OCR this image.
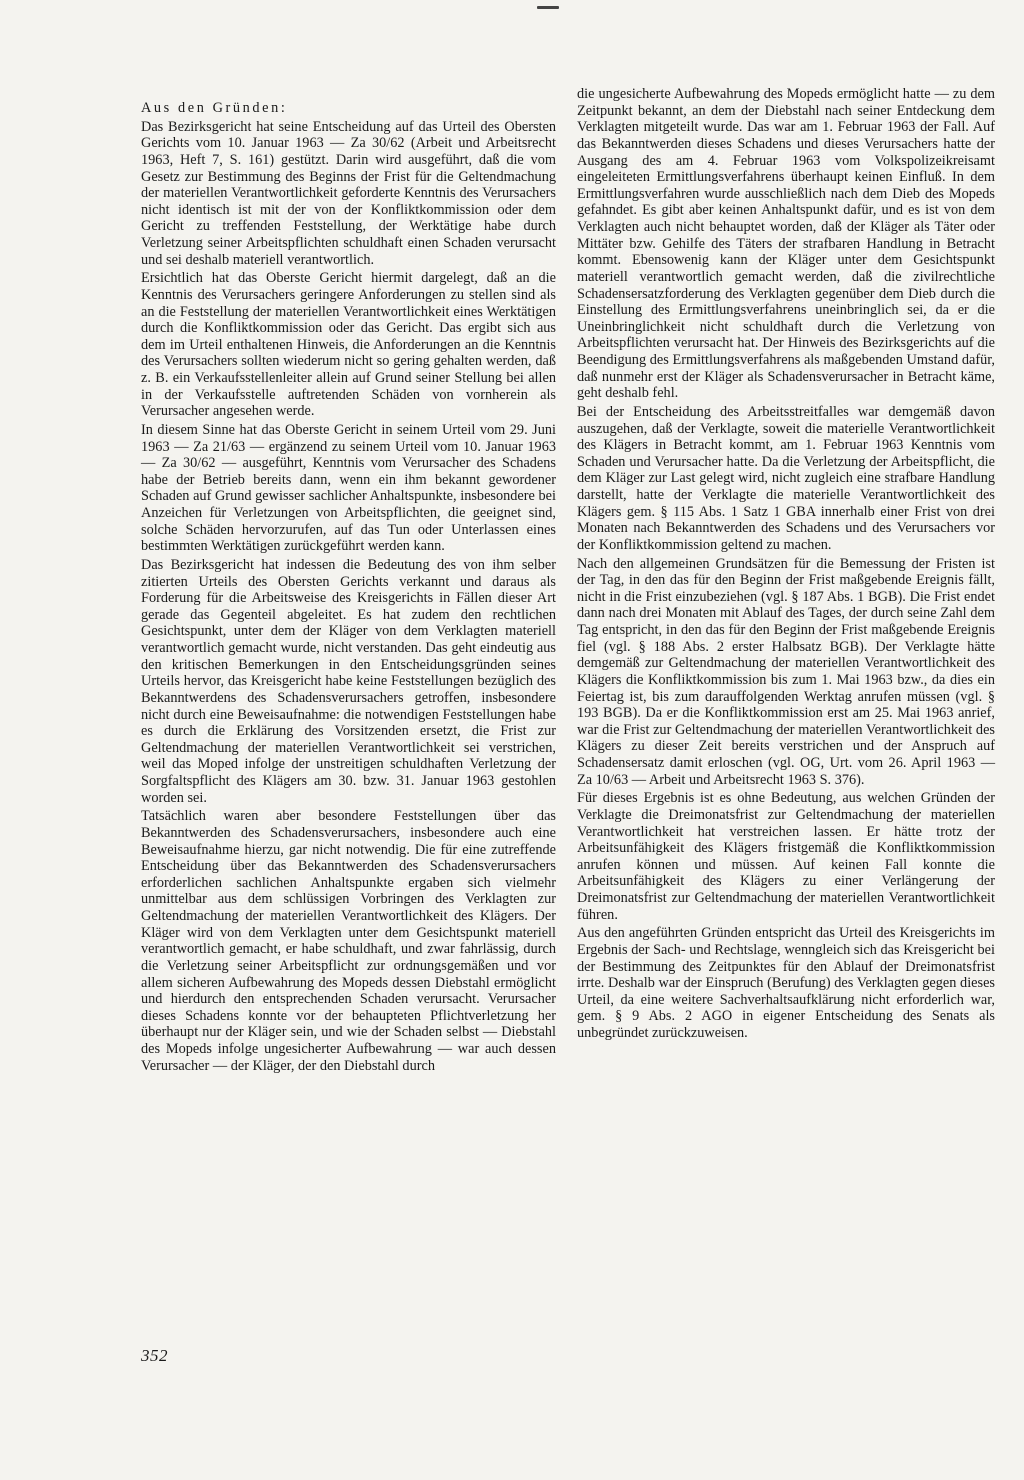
Aus den Gründen:

Das Bezirksgericht hat seine Entscheidung auf das Urteil des Obersten Gerichts vom 10. Januar 1963 — Za 30/62 (Arbeit und Arbeitsrecht 1963, Heft 7, S. 161) gestützt. Darin wird ausgeführt, daß die vom Gesetz zur Bestimmung des Beginns der Frist für die Geltendmachung der materiellen Verantwortlichkeit geforderte Kenntnis des Verursachers nicht identisch ist mit der von der Konfliktkommission oder dem Gericht zu treffenden Feststellung, der Werktätige habe durch Verletzung seiner Arbeitspflichten schuldhaft einen Schaden verursacht und sei deshalb materiell verantwortlich.

Ersichtlich hat das Oberste Gericht hiermit dargelegt, daß an die Kenntnis des Verursachers geringere Anforderungen zu stellen sind als an die Feststellung der materiellen Verantwortlichkeit eines Werktätigen durch die Konfliktkommission oder das Gericht. Das ergibt sich aus dem im Urteil enthaltenen Hinweis, die Anforderungen an die Kenntnis des Verursachers sollten wiederum nicht so gering gehalten werden, daß z. B. ein Verkaufsstellenleiter allein auf Grund seiner Stellung bei allen in der Verkaufsstelle auftretenden Schäden von vornherein als Verursacher angesehen werde.

In diesem Sinne hat das Oberste Gericht in seinem Urteil vom 29. Juni 1963 — Za 21/63 — ergänzend zu seinem Urteil vom 10. Januar 1963 — Za 30/62 — ausgeführt, Kenntnis vom Verursacher des Schadens habe der Betrieb bereits dann, wenn ein ihm bekannt gewordener Schaden auf Grund gewisser sachlicher Anhaltspunkte, insbesondere bei Anzeichen für Verletzungen von Arbeitspflichten, die geeignet sind, solche Schäden hervorzurufen, auf das Tun oder Unterlassen eines bestimmten Werktätigen zurückgeführt werden kann.

Das Bezirksgericht hat indessen die Bedeutung des von ihm selber zitierten Urteils des Obersten Gerichts verkannt und daraus als Forderung für die Arbeitsweise des Kreisgerichts in Fällen dieser Art gerade das Gegenteil abgeleitet. Es hat zudem den rechtlichen Gesichtspunkt, unter dem der Kläger von dem Verklagten materiell verantwortlich gemacht wurde, nicht verstanden. Das geht eindeutig aus den kritischen Bemerkungen in den Entscheidungsgründen seines Urteils hervor, das Kreisgericht habe keine Feststellungen bezüglich des Bekanntwerdens des Schadensverursachers getroffen, insbesondere nicht durch eine Beweisaufnahme: die notwendigen Feststellungen habe es durch die Erklärung des Vorsitzenden ersetzt, die Frist zur Geltendmachung der materiellen Verantwortlichkeit sei verstrichen, weil das Moped infolge der unstreitigen schuldhaften Verletzung der Sorgfaltspflicht des Klägers am 30. bzw. 31. Januar 1963 gestohlen worden sei.

Tatsächlich waren aber besondere Feststellungen über das Bekanntwerden des Schadensverursachers, insbesondere auch eine Beweisaufnahme hierzu, gar nicht notwendig. Die für eine zutreffende Entscheidung über das Bekanntwerden des Schadensverursachers erforderlichen sachlichen Anhaltspunkte ergaben sich vielmehr unmittelbar aus dem schlüssigen Vorbringen des Verklagten zur Geltendmachung der materiellen Verantwortlichkeit des Klägers. Der Kläger wird von dem Verklagten unter dem Gesichtspunkt materiell verantwortlich gemacht, er habe schuldhaft, und zwar fahrlässig, durch die Verletzung seiner Arbeitspflicht zur ordnungsgemäßen und vor allem sicheren Aufbewahrung des Mopeds dessen Diebstahl ermöglicht und hierdurch den entsprechenden Schaden verursacht. Verursacher dieses Schadens konnte vor der behaupteten Pflichtverletzung her überhaupt nur der Kläger sein, und wie der Schaden selbst — Diebstahl des Mopeds infolge ungesicherter Aufbewahrung — war auch dessen Verursacher — der Kläger, der den Diebstahl durch

die ungesicherte Aufbewahrung des Mopeds ermöglicht hatte — zu dem Zeitpunkt bekannt, an dem der Diebstahl nach seiner Entdeckung dem Verklagten mitgeteilt wurde. Das war am 1. Februar 1963 der Fall. Auf das Bekanntwerden dieses Schadens und dieses Verursachers hatte der Ausgang des am 4. Februar 1963 vom Volkspolizeikreisamt eingeleiteten Ermittlungsverfahrens überhaupt keinen Einfluß. In dem Ermittlungsverfahren wurde ausschließlich nach dem Dieb des Mopeds gefahndet. Es gibt aber keinen Anhaltspunkt dafür, und es ist von dem Verklagten auch nicht behauptet worden, daß der Kläger als Täter oder Mittäter bzw. Gehilfe des Täters der strafbaren Handlung in Betracht kommt. Ebensowenig kann der Kläger unter dem Gesichtspunkt materiell verantwortlich gemacht werden, daß die zivilrechtliche Schadensersatzforderung des Verklagten gegenüber dem Dieb durch die Einstellung des Ermittlungsverfahrens uneinbringlich sei, da er die Uneinbringlichkeit nicht schuldhaft durch die Verletzung von Arbeitspflichten verursacht hat. Der Hinweis des Bezirksgerichts auf die Beendigung des Ermittlungsverfahrens als maßgebenden Umstand dafür, daß nunmehr erst der Kläger als Schadensverursacher in Betracht käme, geht deshalb fehl.

Bei der Entscheidung des Arbeitsstreitfalles war demgemäß davon auszugehen, daß der Verklagte, soweit die materielle Verantwortlichkeit des Klägers in Betracht kommt, am 1. Februar 1963 Kenntnis vom Schaden und Verursacher hatte. Da die Verletzung der Arbeitspflicht, die dem Kläger zur Last gelegt wird, nicht zugleich eine strafbare Handlung darstellt, hatte der Verklagte die materielle Verantwortlichkeit des Klägers gem. § 115 Abs. 1 Satz 1 GBA innerhalb einer Frist von drei Monaten nach Bekanntwerden des Schadens und des Verursachers vor der Konfliktkommission geltend zu machen.

Nach den allgemeinen Grundsätzen für die Bemessung der Fristen ist der Tag, in den das für den Beginn der Frist maßgebende Ereignis fällt, nicht in die Frist einzubeziehen (vgl. § 187 Abs. 1 BGB). Die Frist endet dann nach drei Monaten mit Ablauf des Tages, der durch seine Zahl dem Tag entspricht, in den das für den Beginn der Frist maßgebende Ereignis fiel (vgl. § 188 Abs. 2 erster Halbsatz BGB). Der Verklagte hätte demgemäß zur Geltendmachung der materiellen Verantwortlichkeit des Klägers die Konfliktkommission bis zum 1. Mai 1963 bzw., da dies ein Feiertag ist, bis zum darauffolgenden Werktag anrufen müssen (vgl. § 193 BGB). Da er die Konfliktkommission erst am 25. Mai 1963 anrief, war die Frist zur Geltendmachung der materiellen Verantwortlichkeit des Klägers zu dieser Zeit bereits verstrichen und der Anspruch auf Schadensersatz damit erloschen (vgl. OG, Urt. vom 26. April 1963 — Za 10/63 — Arbeit und Arbeitsrecht 1963 S. 376).

Für dieses Ergebnis ist es ohne Bedeutung, aus welchen Gründen der Verklagte die Dreimonatsfrist zur Geltendmachung der materiellen Verantwortlichkeit hat verstreichen lassen. Er hätte trotz der Arbeitsunfähigkeit des Klägers fristgemäß die Konfliktkommission anrufen können und müssen. Auf keinen Fall konnte die Arbeitsunfähigkeit des Klägers zu einer Verlängerung der Dreimonatsfrist zur Geltendmachung der materiellen Verantwortlichkeit führen.

Aus den angeführten Gründen entspricht das Urteil des Kreisgerichts im Ergebnis der Sach- und Rechtslage, wenngleich sich das Kreisgericht bei der Bestimmung des Zeitpunktes für den Ablauf der Dreimonatsfrist irrte. Deshalb war der Einspruch (Berufung) des Verklagten gegen dieses Urteil, da eine weitere Sachverhaltsaufklärung nicht erforderlich war, gem. § 9 Abs. 2 AGO in eigener Entscheidung des Senats als unbegründet zurückzuweisen.

352
